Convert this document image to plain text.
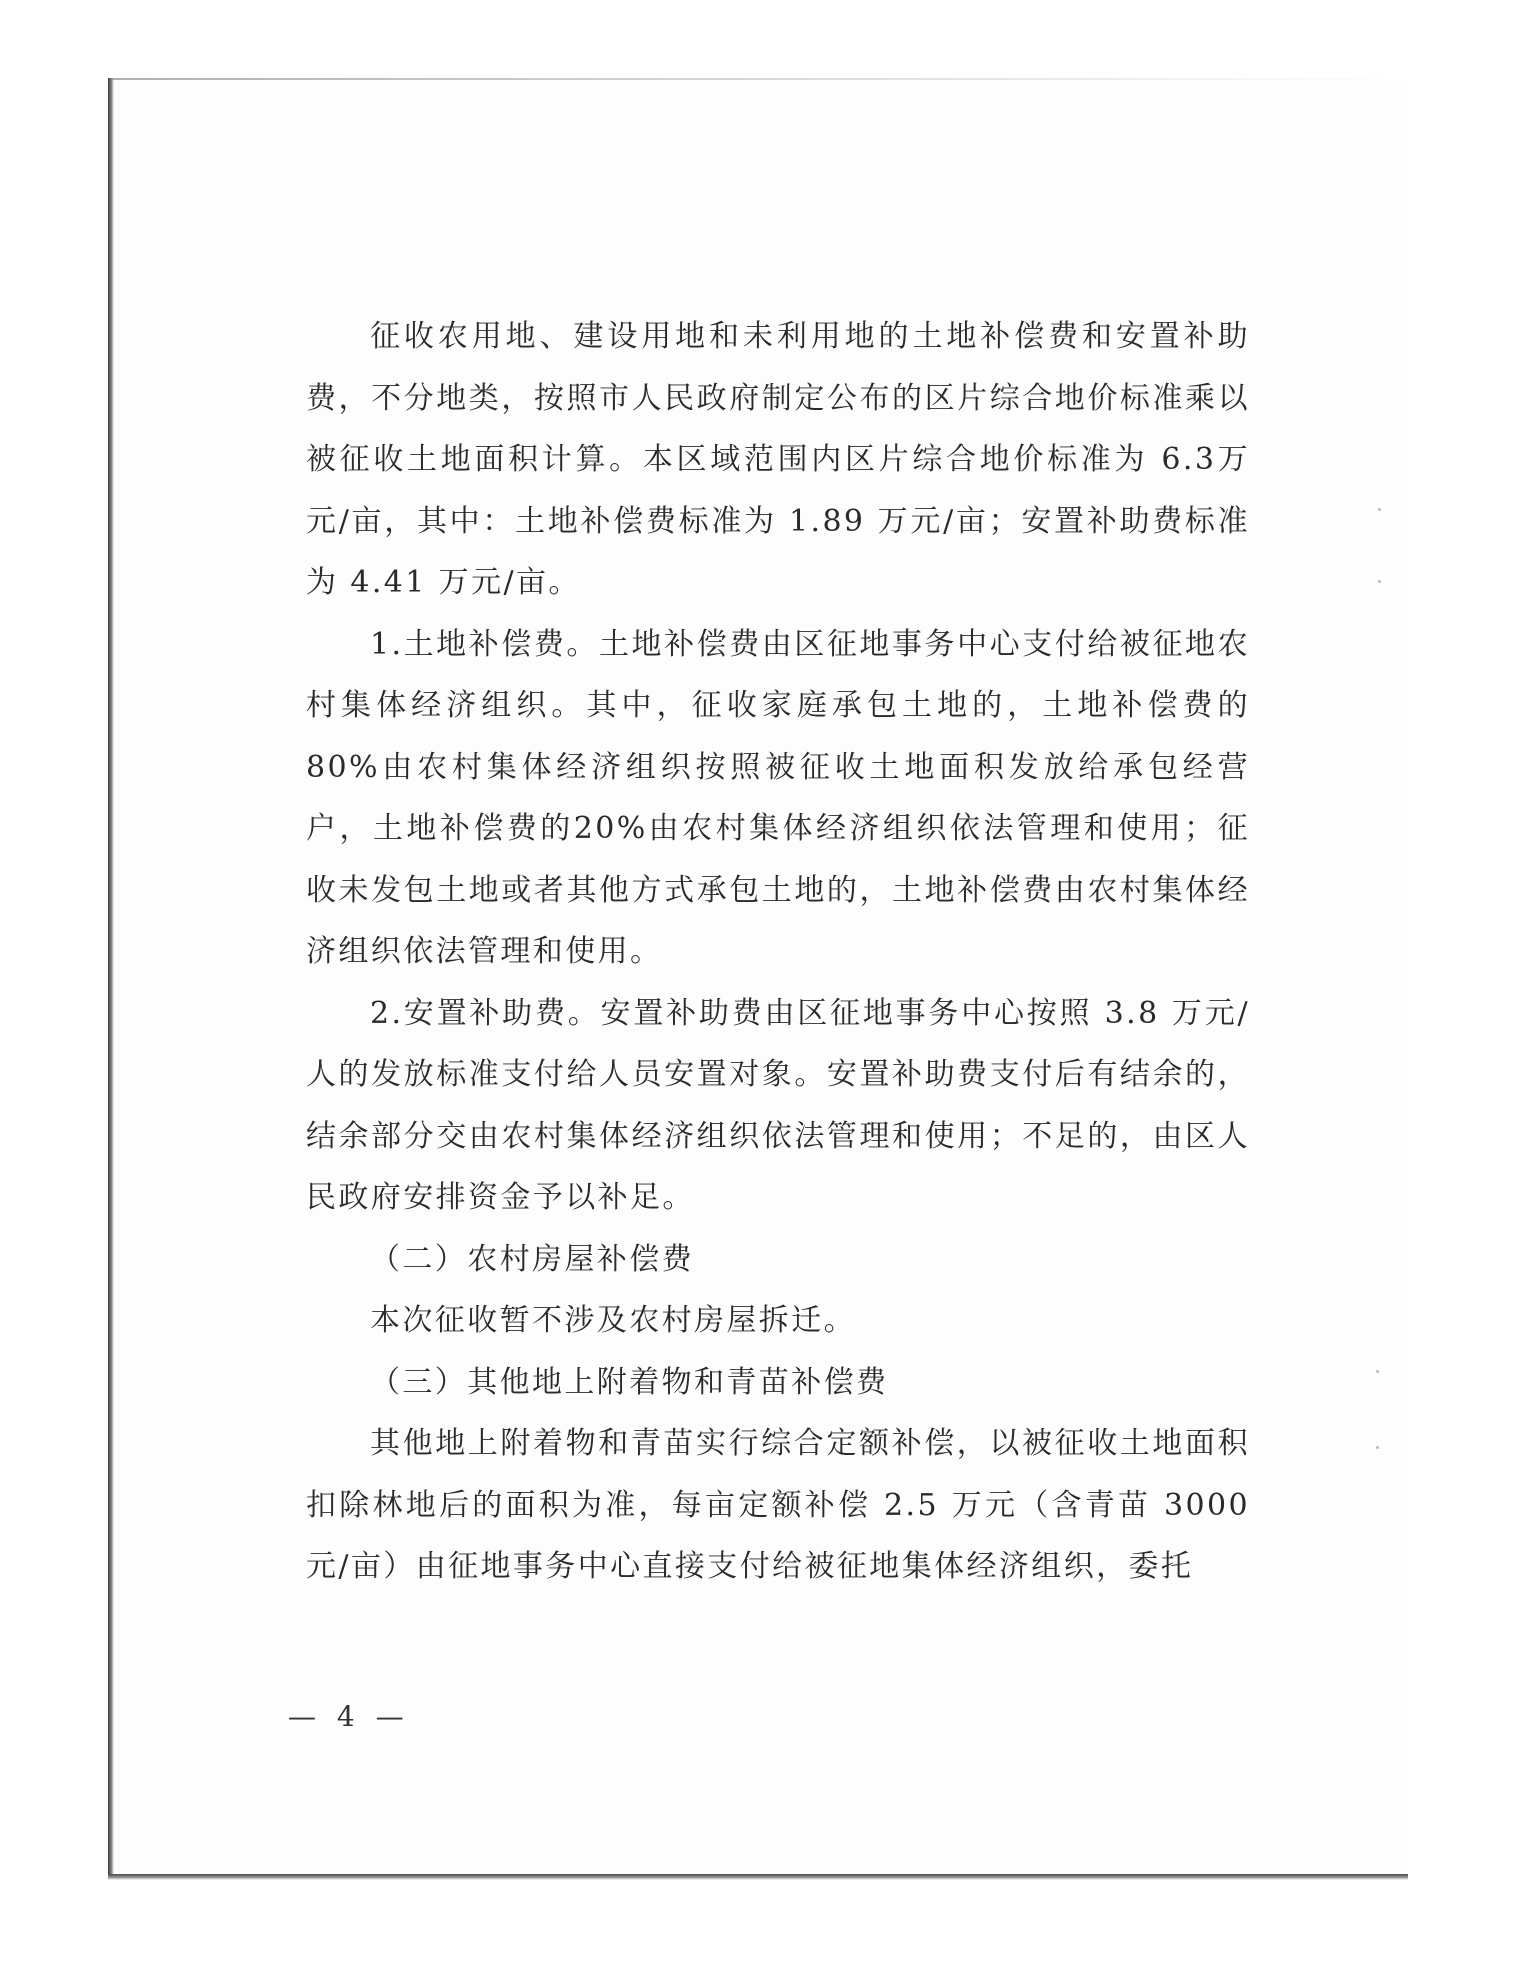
征收农用地、建设用地和未利用地的土地补偿费和安置补助费，不分地类，按照市人民政府制定公布的区片综合地价标准乘以被征收土地面积计算。本区域范围内区片综合地价标准为 6.3万元/亩，其中：土地补偿费标准为 1.89 万元/亩；安置补助费标准为 4.41 万元/亩。

1.土地补偿费。土地补偿费由区征地事务中心支付给被征地农村集体经济组织。其中，征收家庭承包土地的，土地补偿费的80%由农村集体经济组织按照被征收土地面积发放给承包经营户，土地补偿费的20%由农村集体经济组织依法管理和使用；征收未发包土地或者其他方式承包土地的，土地补偿费由农村集体经济组织依法管理和使用。

2.安置补助费。安置补助费由区征地事务中心按照 3.8 万元/人的发放标准支付给人员安置对象。安置补助费支付后有结余的，结余部分交由农村集体经济组织依法管理和使用；不足的，由区人民政府安排资金予以补足。

（二）农村房屋补偿费

本次征收暂不涉及农村房屋拆迁。

（三）其他地上附着物和青苗补偿费

其他地上附着物和青苗实行综合定额补偿，以被征收土地面积扣除林地后的面积为准，每亩定额补偿 2.5 万元（含青苗 3000元/亩）由征地事务中心直接支付给被征地集体经济组织，委托

— 4 —
